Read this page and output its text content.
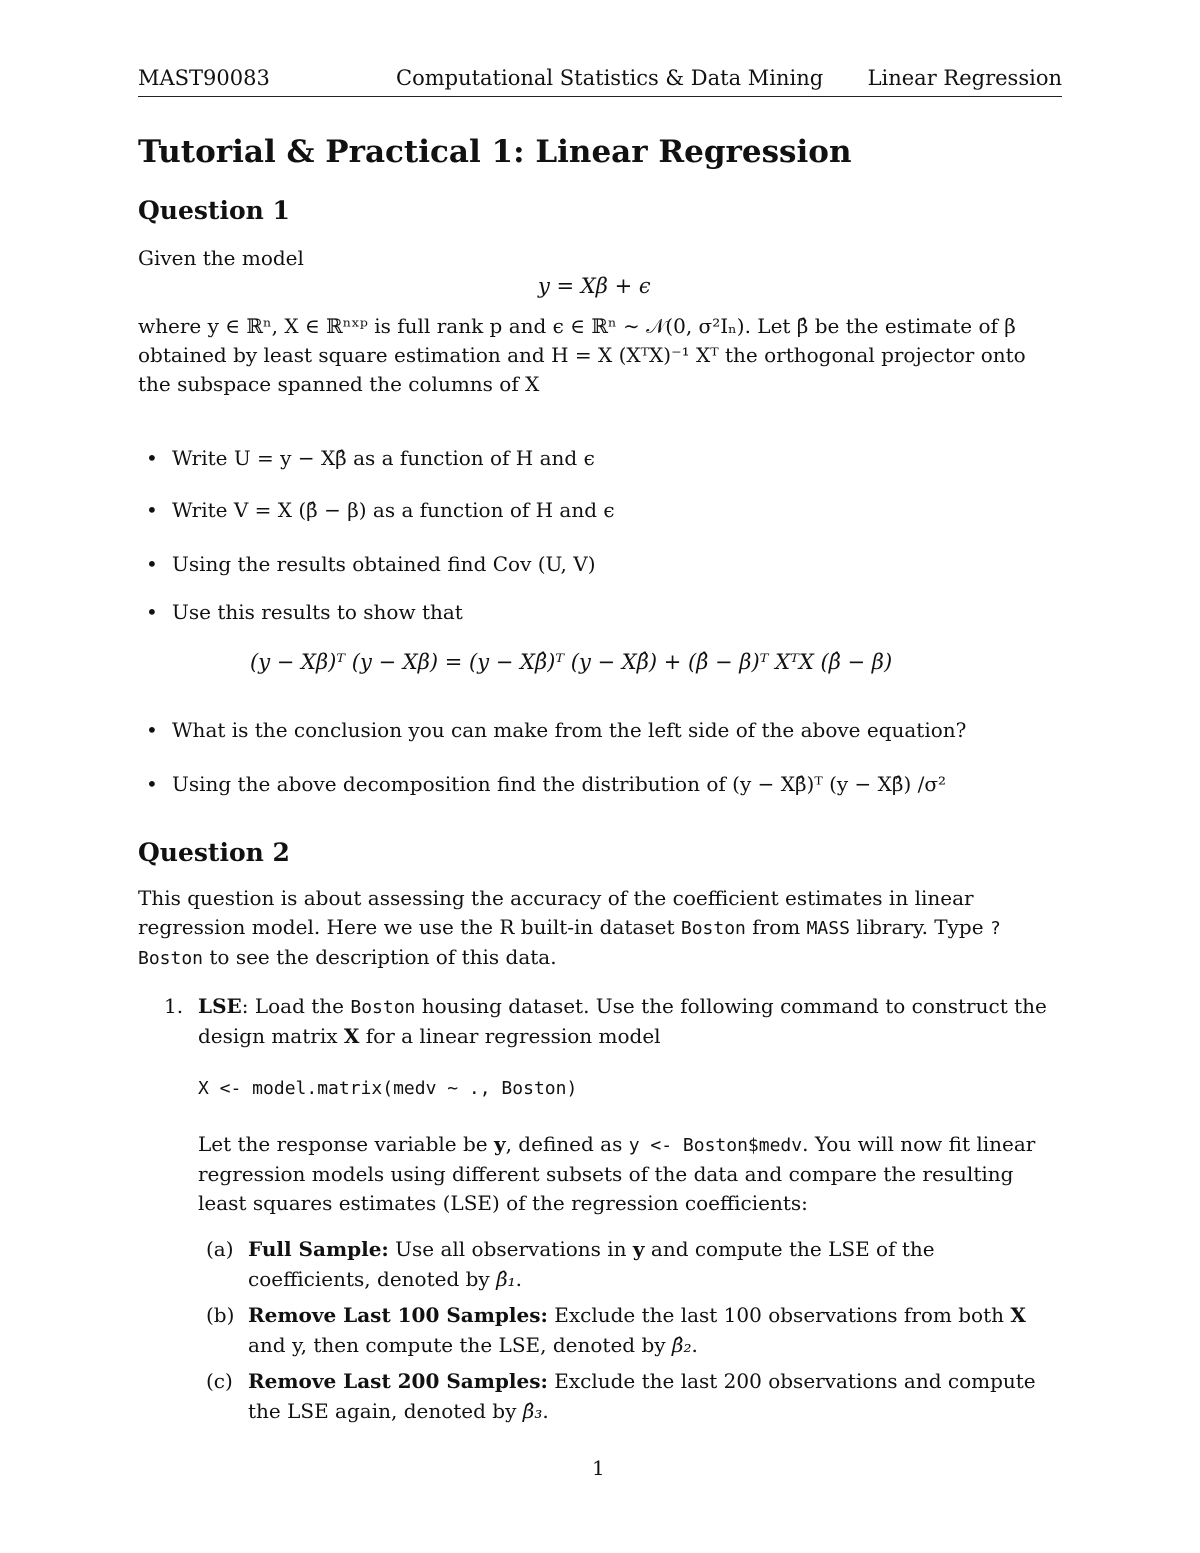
MAST90083	Computational Statistics & Data Mining Linear Regression
Tutorial & Practical 1: Linear Regression
Question 1

Given the model

y = Xβ + ϵ

where y ∈ ℝⁿ, X ∈ ℝⁿˣᵖ is full rank p and ϵ ∈ ℝⁿ ∼ 𝒩(0, σ²Iₙ). Let β̂ be the estimate of β obtained by least square estimation and H = X (XᵀX)⁻¹ Xᵀ the orthogonal projector onto the subspace spanned the columns of X

• Write U = y − Xβ̂ as a function of H and ϵ
• Write V = X (β̂ − β) as a function of H and ϵ
• Using the results obtained find Cov (U, V)
• Use this results to show that
(y − Xβ)ᵀ (y − Xβ) = (y − Xβ̂)ᵀ (y − Xβ̂) + (β̂ − β)ᵀ XᵀX (β̂ − β)
• What is the conclusion you can make from the left side of the above equation?
• Using the above decomposition find the distribution of (y − Xβ̂)ᵀ (y − Xβ̂) /σ²
Question 2

This question is about assessing the accuracy of the coefficient estimates in linear regression model. Here we use the R built-in dataset Boston from MASS library. Type ?Boston to see the description of this data.

1. LSE: Load the Boston housing dataset. Use the following command to construct the design matrix X for a linear regression model
X <- model.matrix(medv ~ ., Boston)
Let the response variable be y, defined as y <- Boston$medv. You will now fit linear regression models using different subsets of the data and compare the resulting least squares estimates (LSE) of the regression coefficients:
(a) Full Sample: Use all observations in y and compute the LSE of the coefficients, denoted by β̂₁.
(b) Remove Last 100 Samples: Exclude the last 100 observations from both X and y, then compute the LSE, denoted by β̂₂.
(c) Remove Last 200 Samples: Exclude the last 200 observations and compute the LSE again, denoted by β̂₃.
1
